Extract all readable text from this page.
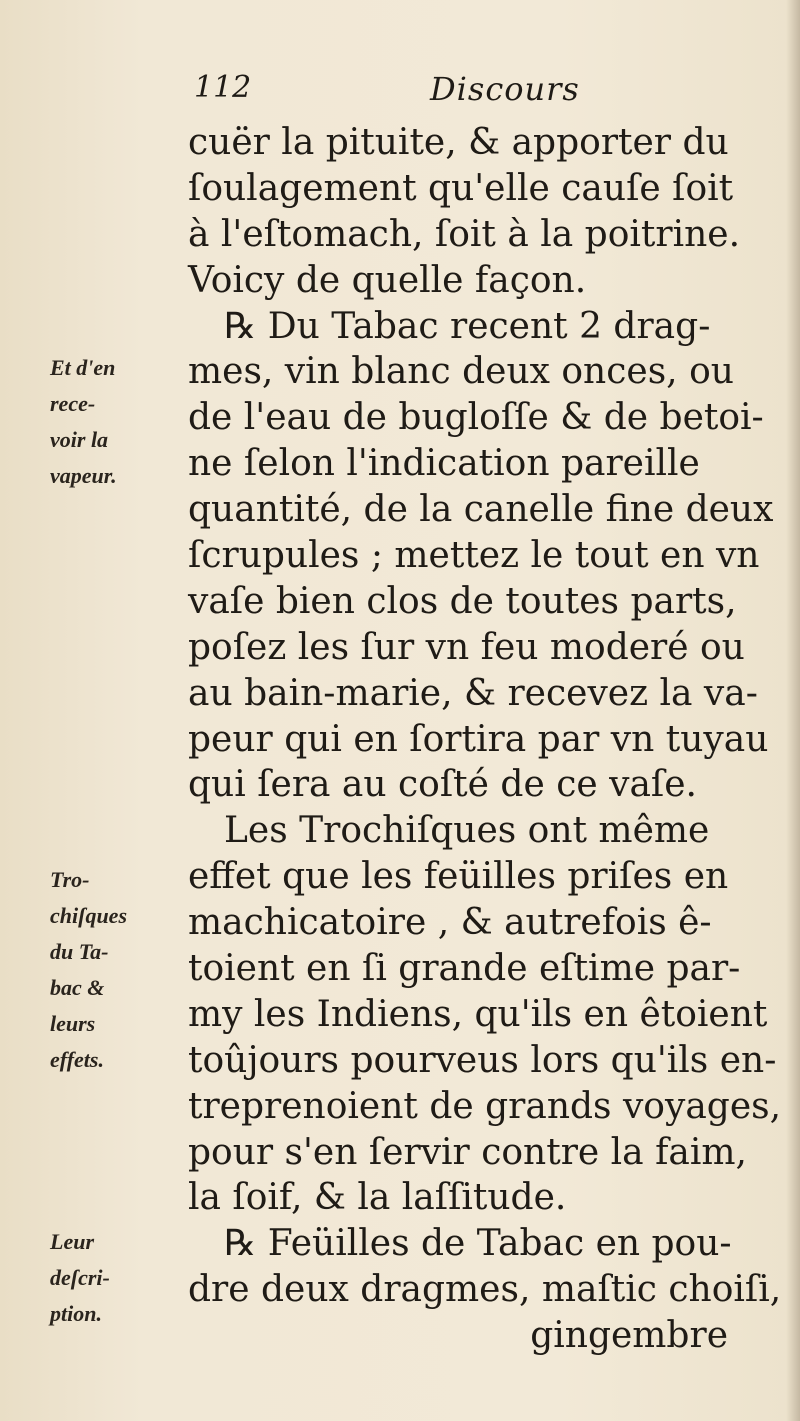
112	Discours
cuër la pituite, & apporter du
ſoulagement qu'elle cauſe ſoit
à l'eſtomach, ſoit à la poitrine.
Voicy de quelle façon.
℞ Du Tabac recent 2 drag-
mes, vin blanc deux onces, ou
de l'eau de bugloſſe & de betoi-
ne ſelon l'indication pareille
quantité, de la canelle fine deux
ſcrupules ; mettez le tout en vn
vaſe bien clos de toutes parts,
poſez les ſur vn feu moderé ou
au bain-marie, & recevez la va-
peur qui en ſortira par vn tuyau
qui ſera au coſté de ce vaſe.
Les Trochiſques ont même
effet que les feüilles priſes en
machicatoire , & autrefois ê-
toient en ſi grande eſtime par-
my les Indiens, qu'ils en êtoient
toûjours pourveus lors qu'ils en-
treprenoient de grands voyages,
pour s'en ſervir contre la faim,
la ſoif, & la laſſitude.
℞ Feüilles de Tabac en pou-
dre deux dragmes, maſtic choiſi,
gingembre
Et d'en
rece-
voir la
vapeur.
Tro-
chiſques
du Ta-
bac &
leurs
effets.
Leur
deſcri-
ption.
